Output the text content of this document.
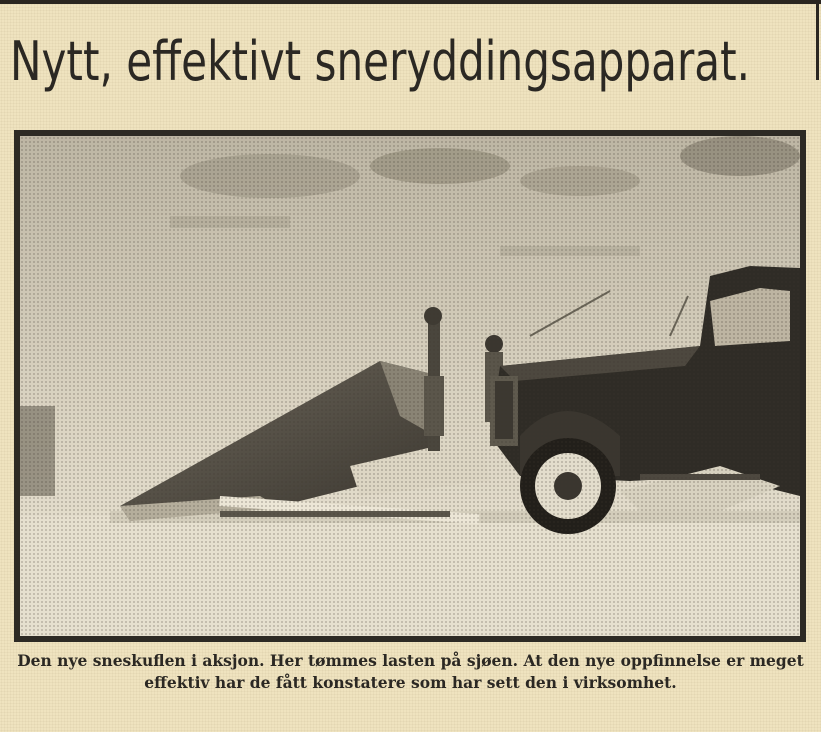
Nytt, effektivt sneryddingsapparat.

Den nye sneskuflen i aksjon. Her tømmes lasten på sjøen. At den nye oppfinnelse er meget effektiv har de fått konstatere som har sett den i virksomhet.
